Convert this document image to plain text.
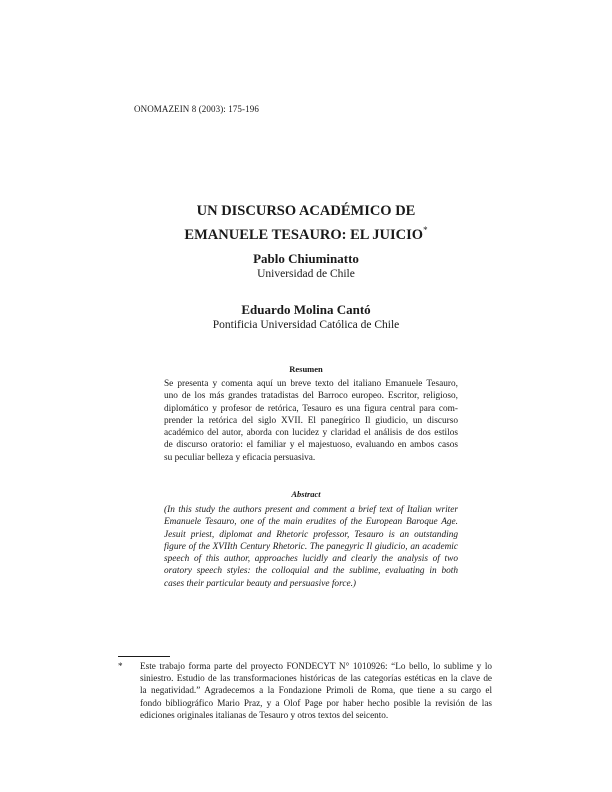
ONOMAZEIN 8 (2003): 175-196
UN DISCURSO ACADÉMICO DE
EMANUELE TESAURO: EL JUICIO*
Pablo Chiuminatto
Universidad de Chile
Eduardo Molina Cantó
Pontificia Universidad Católica de Chile
Resumen
Se presenta y comenta aquí un breve texto del italiano Emanuele Tesauro,
uno de los más grandes tratadistas del Barroco europeo. Escritor, religioso,
diplomático y profesor de retórica, Tesauro es una figura central para com-
prender la retórica del siglo XVII. El panegírico Il giudicio, un discurso
académico del autor, aborda con lucidez y claridad el análisis de dos estilos
de discurso oratorio: el familiar y el majestuoso, evaluando en ambos casos
su peculiar belleza y eficacia persuasiva.
Abstract
(In this study the authors present and comment a brief text of Italian writer
Emanuele Tesauro, one of the main erudites of the European Baroque Age.
Jesuit priest, diplomat and Rhetoric professor, Tesauro is an outstanding
figure of the XVIIth Century Rhetoric. The panegyric Il giudicio, an academic
speech of this author, approaches lucidly and clearly the analysis of two
oratory speech styles: the colloquial and the sublime, evaluating in both
cases their particular beauty and persuasive force.)
* Este trabajo forma parte del proyecto FONDECYT N° 1010926: “Lo bello, lo sublime y lo
siniestro. Estudio de las transformaciones históricas de las categorías estéticas en la clave de
la negatividad.” Agradecemos a la Fondazione Primoli de Roma, que tiene a su cargo el
fondo bibliográfico Mario Praz, y a Olof Page por haber hecho posible la revisión de las
ediciones originales italianas de Tesauro y otros textos del seicento.
